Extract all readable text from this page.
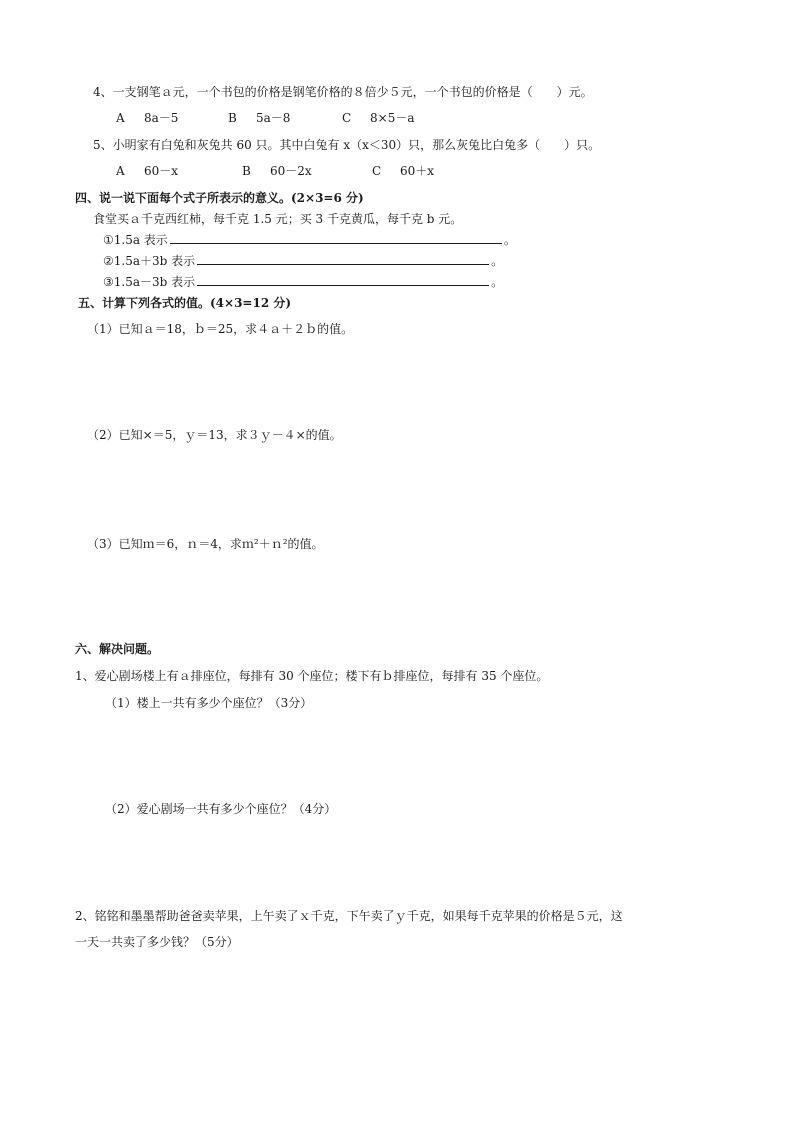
4、一支钢笔ａ元，一个书包的价格是钢笔价格的８倍少５元，一个书包的价格是（　　）元。
A 8a－5	B 5a－8	C 8×5－a
5、小明家有白兔和灰兔共 60 只。其中白兔有 x（x＜30）只，那么灰兔比白兔多（　　）只。
A 60－x	B 60－2x	C 60＋x
四、说一说下面每个式子所表示的意义。(2×3=6 分)
食堂买ａ千克西红柿，每千克 1.5 元；买 3 千克黄瓜，每千克 b 元。
①1.5a 表示	。
②1.5a＋3b 表示	。
③1.5a－3b 表示	。
五、计算下列各式的值。(4×3=12 分)
（1）已知ａ＝18，ｂ＝25，求４ａ＋２ｂ的值。
（2）已知×＝5，ｙ＝13，求３ｙ－４×的值。
（3）已知ｍ＝6，ｎ＝4，求ｍ²＋ｎ²的值。
六、解决问题。
1、爱心剧场楼上有ａ排座位，每排有 30 个座位；楼下有ｂ排座位，每排有 35 个座位。
（1）楼上一共有多少个座位？（3分）
（2）爱心剧场一共有多少个座位？（4分）
2、铭铭和墨墨帮助爸爸卖苹果，上午卖了ｘ千克，下午卖了ｙ千克，如果每千克苹果的价格是５元，这
一天一共卖了多少钱？（5分）
